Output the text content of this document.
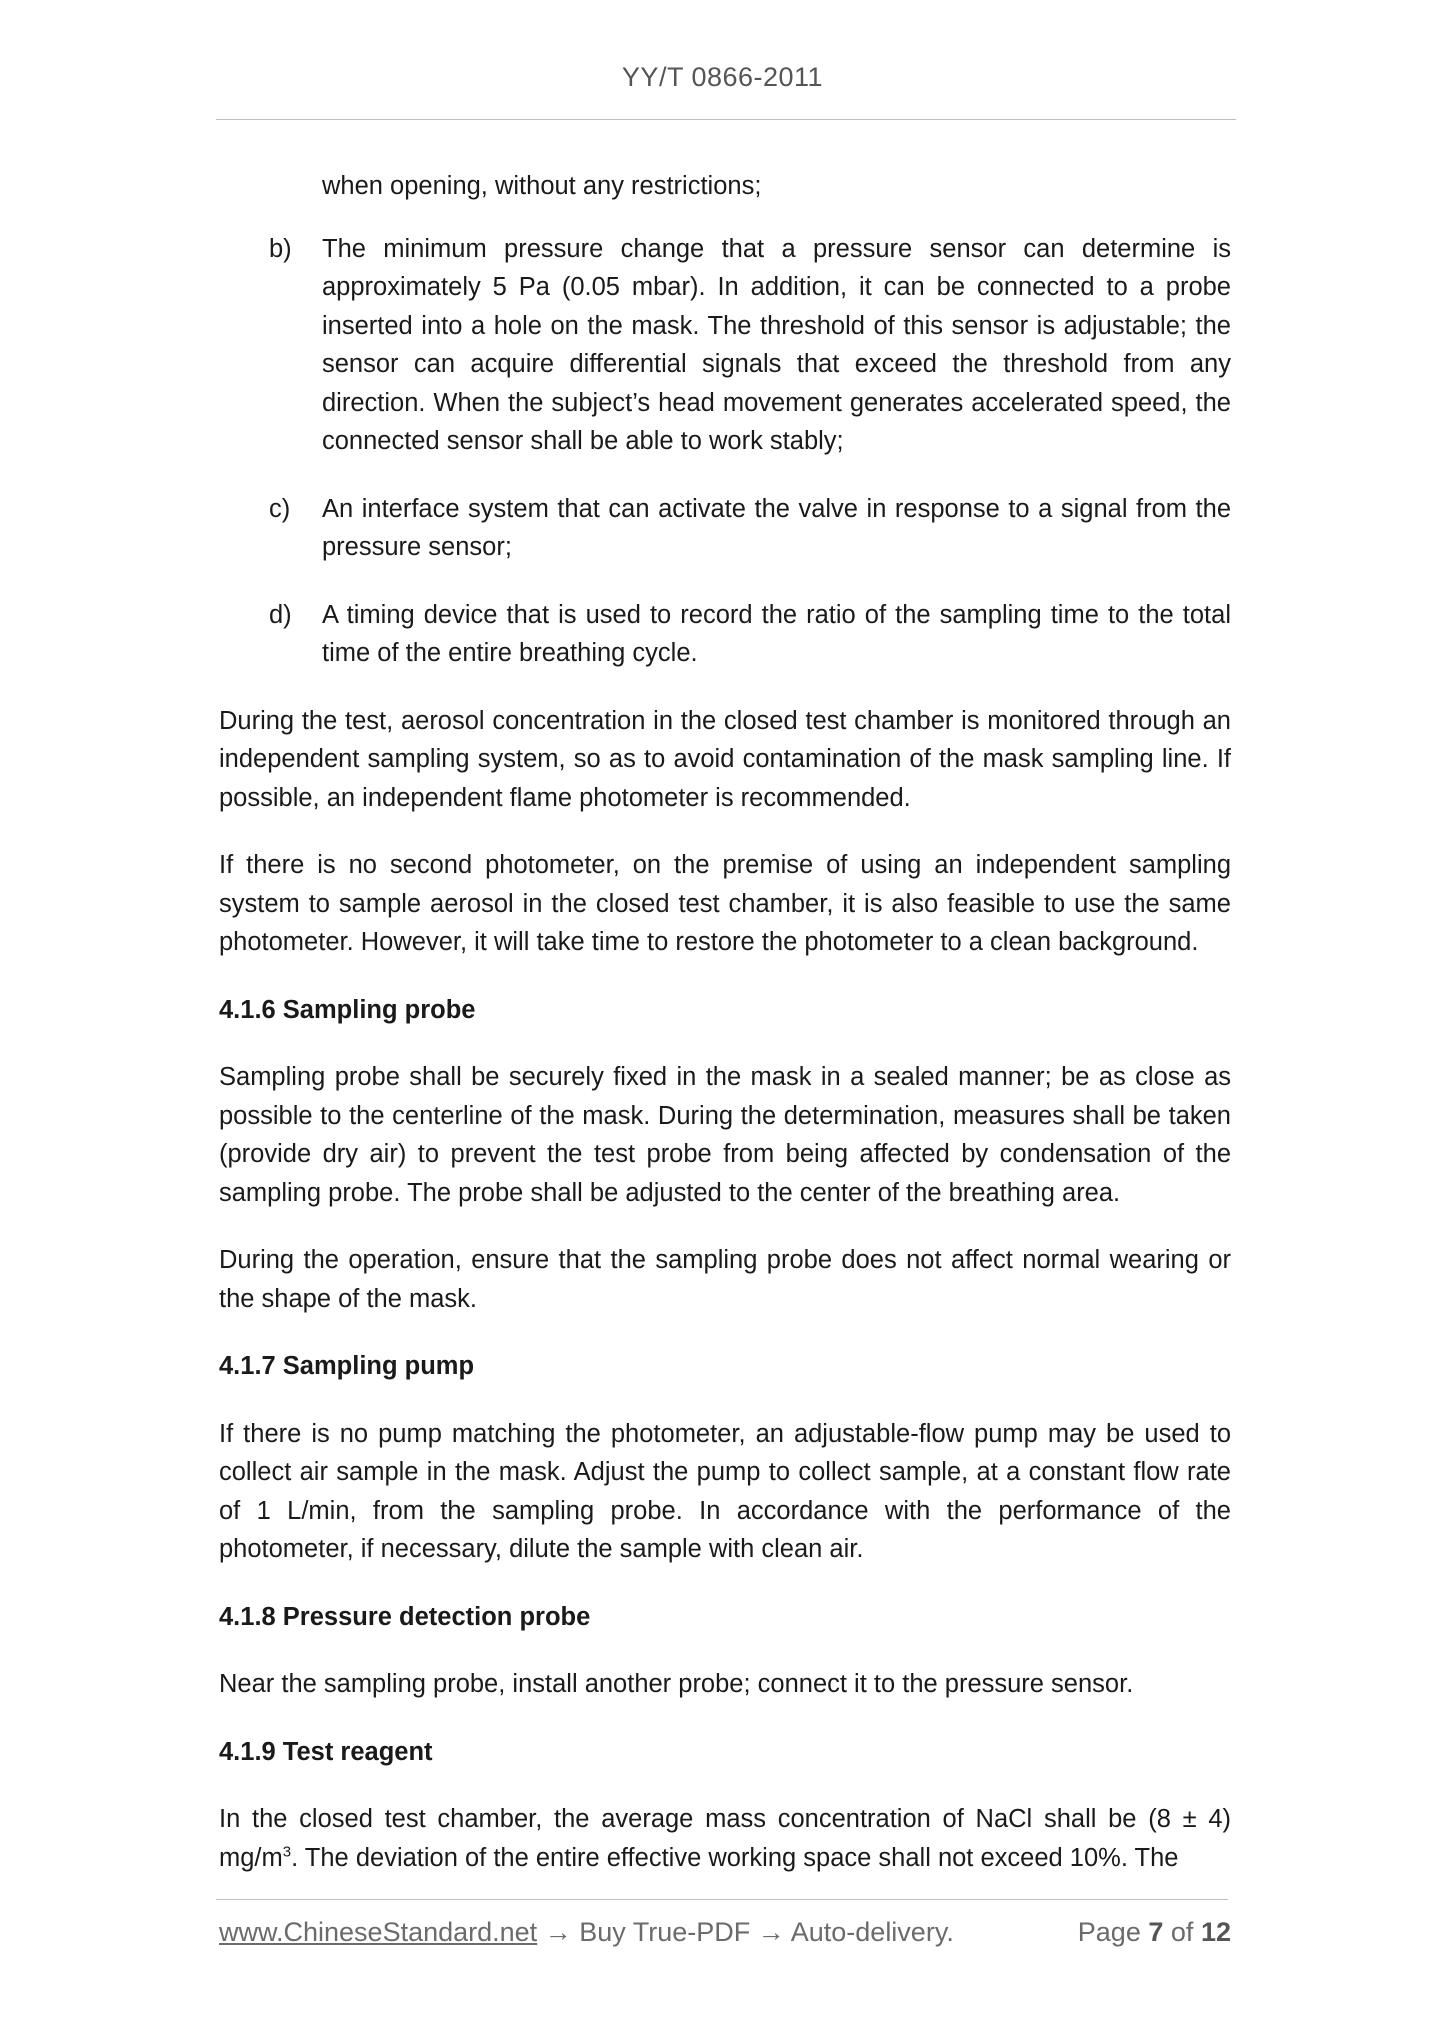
YY/T 0866-2011

when opening, without any restrictions;

b)	The minimum pressure change that a pressure sensor can determine is approximately 5 Pa (0.05 mbar). In addition, it can be connected to a probe inserted into a hole on the mask. The threshold of this sensor is adjustable; the sensor can acquire differential signals that exceed the threshold from any direction. When the subject’s head movement generates accelerated speed, the connected sensor shall be able to work stably;
c)	An interface system that can activate the valve in response to a signal from the pressure sensor;
d)	A timing device that is used to record the ratio of the sampling time to the total time of the entire breathing cycle.

During the test, aerosol concentration in the closed test chamber is monitored through an independent sampling system, so as to avoid contamination of the mask sampling line. If possible, an independent flame photometer is recommended.

If there is no second photometer, on the premise of using an independent sampling system to sample aerosol in the closed test chamber, it is also feasible to use the same photometer. However, it will take time to restore the photometer to a clean background.

4.1.6 Sampling probe

Sampling probe shall be securely fixed in the mask in a sealed manner; be as close as possible to the centerline of the mask. During the determination, measures shall be taken (provide dry air) to prevent the test probe from being affected by condensation of the sampling probe. The probe shall be adjusted to the center of the breathing area.

During the operation, ensure that the sampling probe does not affect normal wearing or the shape of the mask.

4.1.7 Sampling pump

If there is no pump matching the photometer, an adjustable-flow pump may be used to collect air sample in the mask. Adjust the pump to collect sample, at a constant flow rate of 1 L/min, from the sampling probe. In accordance with the performance of the photometer, if necessary, dilute the sample with clean air.

4.1.8 Pressure detection probe

Near the sampling probe, install another probe; connect it to the pressure sensor.

4.1.9 Test reagent

In the closed test chamber, the average mass concentration of NaCl shall be (8 ± 4) $mg/m^3$. The deviation of the entire effective working space shall not exceed 10%. The

www.ChineseStandard.net → Buy True-PDF → Auto-delivery.	Page 7 of 12
